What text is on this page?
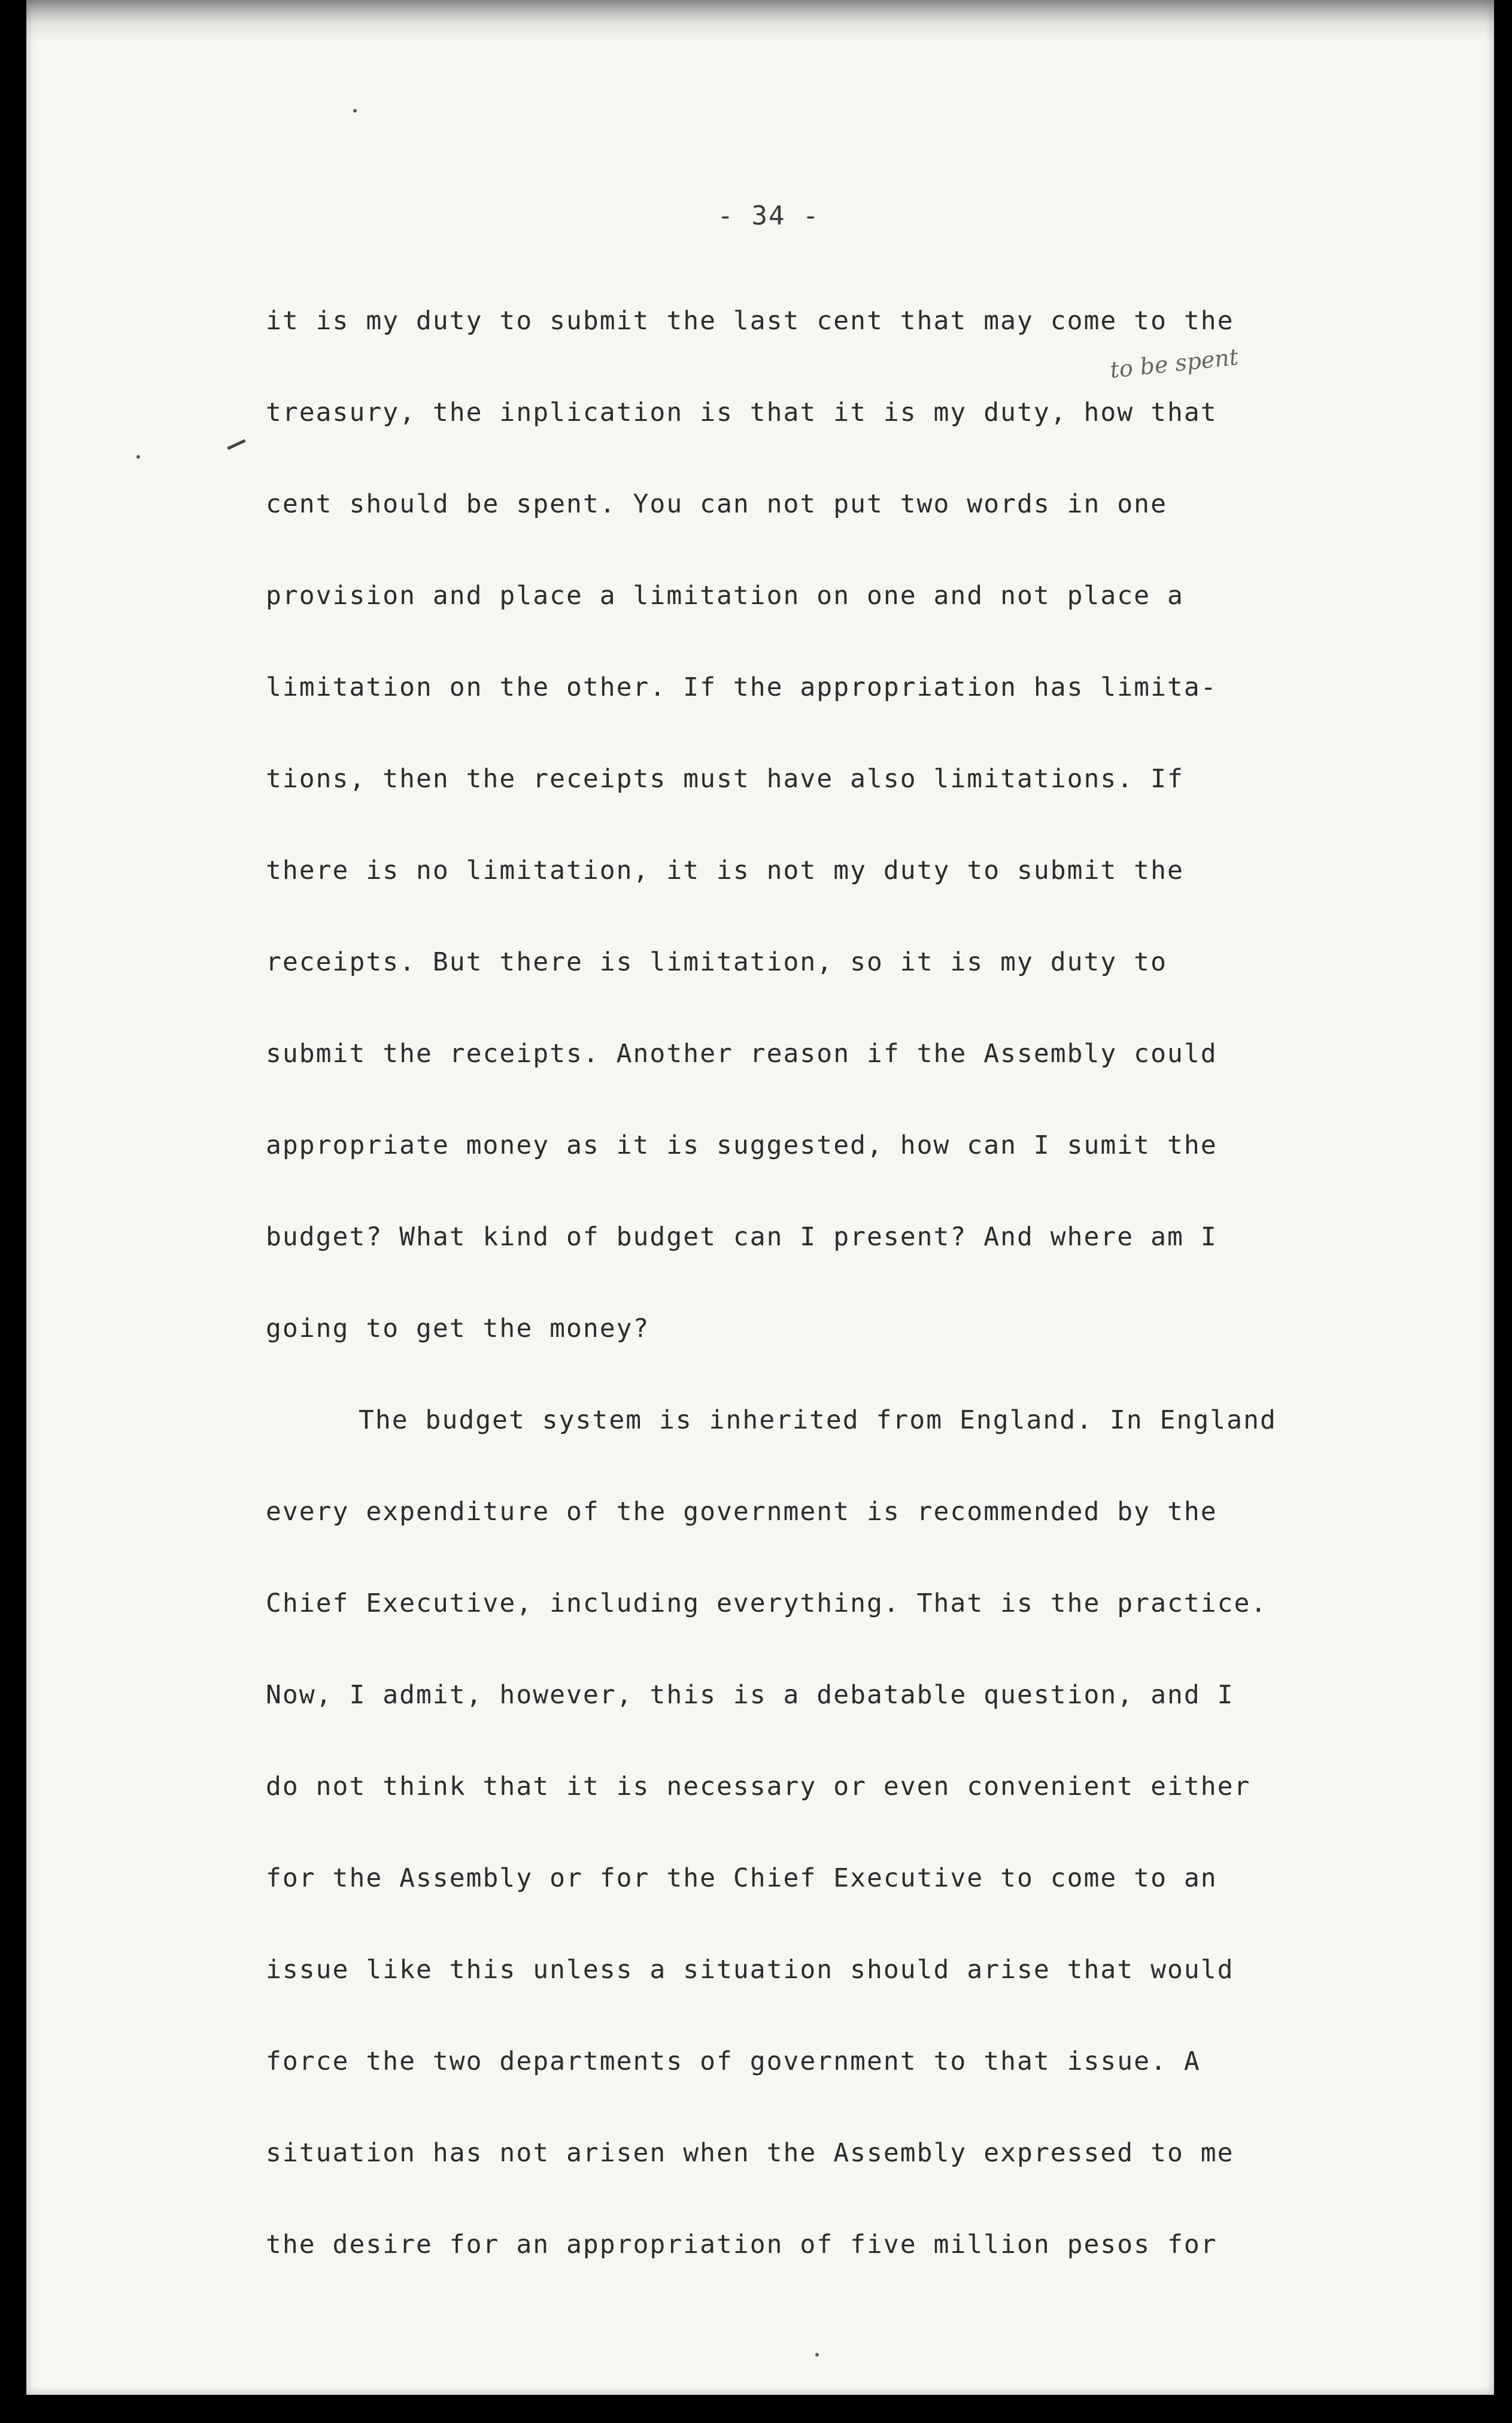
- 34 -
to be spent
it is my duty to submit the last cent that may come to the
treasury, the inplication is that it is my duty, how that
cent should be spent. You can not put two words in one
provision and place a limitation on one and not place a
limitation on the other. If the appropriation has limita-
tions, then the receipts must have also limitations. If
there is no limitation, it is not my duty to submit the
receipts. But there is limitation, so it is my duty to
submit the receipts. Another reason if the Assembly could
appropriate money as it is suggested, how can I sumit the
budget? What kind of budget can I present? And where am I
going to get the money?
The budget system is inherited from England. In England
every expenditure of the government is recommended by the
Chief Executive, including everything. That is the practice.
Now, I admit, however, this is a debatable question, and I
do not think that it is necessary or even convenient either
for the Assembly or for the Chief Executive to come to an
issue like this unless a situation should arise that would
force the two departments of government to that issue. A
situation has not arisen when the Assembly expressed to me
the desire for an appropriation of five million pesos for
